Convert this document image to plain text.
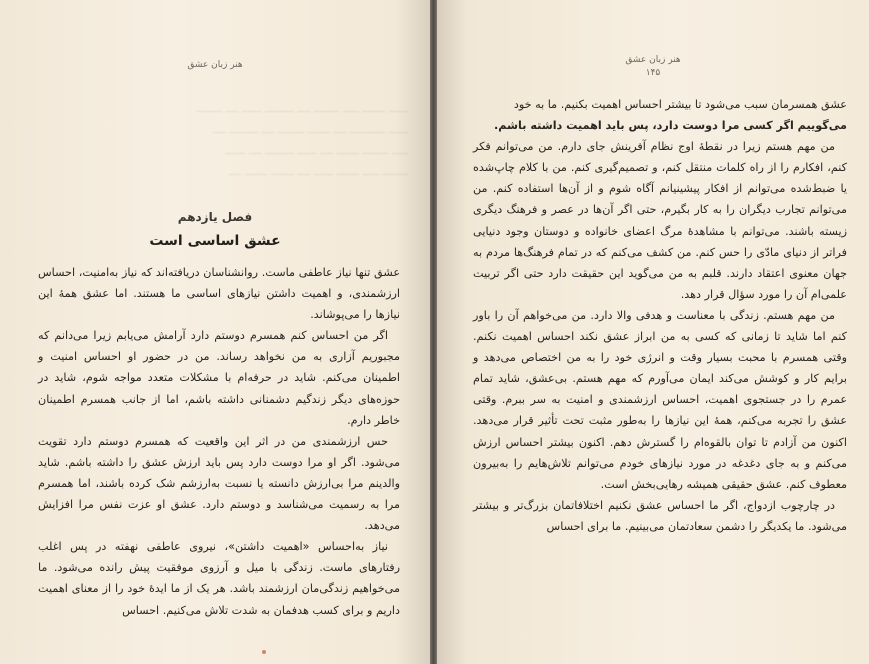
هنر زبان عشق
ــــــ ـــــــ ـــــ ــــــــ ــــ ـــــــــ ــــــ ــــ ــــــــ
ــــــ ـــــــــــ ــــ ـــــــ ــــــــ ــــ ـــــــــ ــــ
ـــــ ــــــــ ـــــــ ــــ ــــــ ـــــــــ ــــ ــــــ
ــــــــ ـــــ ـــــــ ــــــ ــــ ـــــــ ـــــــ ــــ
فصل یازدهم
عشق اساسی است

عشق تنها نیاز عاطفی ماست. روانشناسان دریافته‌اند که نیاز به‌امنیت، احساس ارزشمندی، و اهمیت داشتن نیازهای اساسی ما هستند. اما عشق همهٔ این نیازها را می‌پوشاند.

اگر من احساس کنم همسرم دوستم دارد آرامش می‌یابم زیرا می‌دانم که مجبوریم آزاری به من نخواهد رساند. من در حضور او احساس امنیت و اطمینان می‌کنم. شاید در حرفه‌ام با مشکلات متعدد مواجه شوم، شاید در حوزه‌های دیگر زندگیم دشمنانی داشته باشم، اما از جانب همسرم اطمینان خاطر دارم.

حس ارزشمندی من در اثر این واقعیت که همسرم دوستم دارد تقویت می‌شود. اگر او مرا دوست دارد پس باید ارزش عشق را داشته باشم. شاید والدینم مرا بی‌ارزش دانسته یا نسبت به‌ارزشم شک کرده باشند، اما همسرم مرا به رسمیت می‌شناسد و دوستم دارد. عشق او عزت نفس مرا افزایش می‌دهد.

نیاز به‌احساس «اهمیت داشتن»، نیروی عاطفی نهفته در پس اغلب رفتارهای ماست. زندگی با میل و آرزوی موفقیت پیش رانده می‌شود. ما می‌خواهیم زندگی‌مان ارزشمند باشد. هر یک از ما ایدهٔ خود را از معنای اهمیت داریم و برای کسب هدفمان به شدت تلاش می‌کنیم. احساس

هنر زبان عشق
۱۴۵

عشق همسرمان سبب می‌شود تا بیشتر احساس اهمیت بکنیم. ما به خود

می‌گوییم اگر کسی مرا دوست دارد، پس باید اهمیت داشته باشم.

من مهم هستم زیرا در نقطهٔ اوج نظام آفرینش جای دارم. من می‌توانم فکر کنم، افکارم را از راه کلمات منتقل کنم، و تصمیم‌گیری کنم. من با کلام چاپ‌شده یا ضبط‌شده می‌توانم از افکار پیشینیانم آگاه شوم و از آن‌ها استفاده کنم. من می‌توانم تجارب دیگران را به کار بگیرم، حتی اگر آن‌ها در عصر و فرهنگ دیگری زیسته باشند. می‌توانم با مشاهدهٔ مرگ اعضای خانواده و دوستان وجود دنیایی فراتر از دنیای مادّی را حس کنم. من کشف می‌کنم که در تمام فرهنگ‌ها مردم به جهان معنوی اعتقاد دارند. قلبم به من می‌گوید این حقیقت دارد حتی اگر تربیت علمی‌ام آن را مورد سؤال قرار دهد.

من مهم هستم. زندگی با معناست و هدفی والا دارد. من می‌خواهم آن را باور کنم اما شاید تا زمانی که کسی به من ابراز عشق نکند احساس اهمیت نکنم. وقتی همسرم با محبت بسیار وقت و انرژی خود را به من اختصاص می‌دهد و برایم کار و کوشش می‌کند ایمان می‌آورم که مهم هستم. بی‌عشق، شاید تمام عمرم را در جستجوی اهمیت، احساس ارزشمندی و امنیت به سر ببرم. وقتی عشق را تجربه می‌کنم، همهٔ این نیازها را به‌طور مثبت تحت تأثیر قرار می‌دهد. اکنون من آزادم تا توان بالقوه‌ام را گسترش دهم. اکنون بیشتر احساس ارزش می‌کنم و به جای دغدغه در مورد نیازهای خودم می‌توانم تلاش‌هایم را به‌بیرون معطوف کنم. عشق حقیقی همیشه رهایی‌بخش است.

در چارچوب ازدواج، اگر ما احساس عشق نکنیم اختلافاتمان بزرگ‌تر و بیشتر می‌شود. ما یکدیگر را دشمن سعادتمان می‌بینیم. ما برای احساس
